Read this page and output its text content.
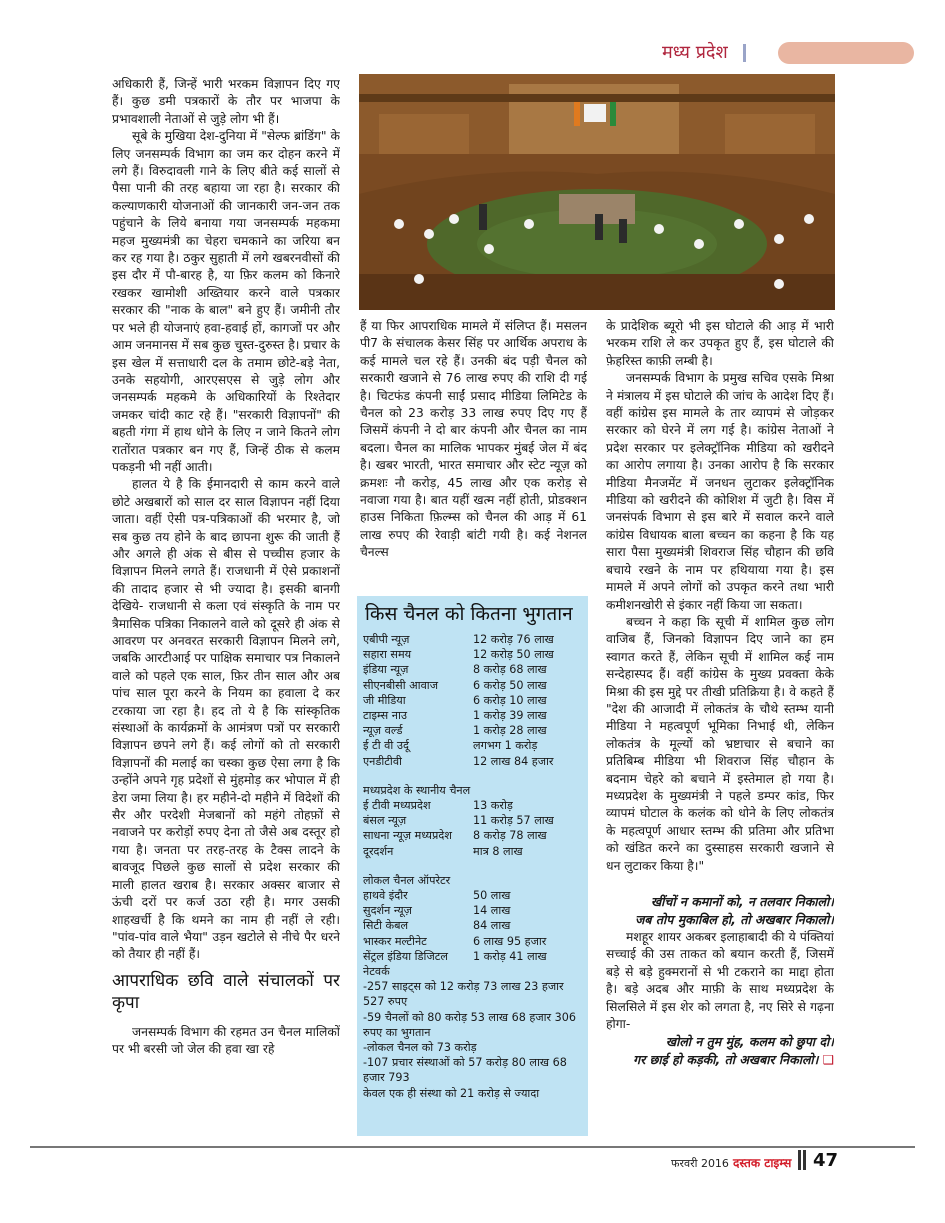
मध्य प्रदेश

अधिकारी हैं, जिन्हें भारी भरकम विज्ञापन दिए गए हैं। कुछ डमी पत्रकारों के तौर पर भाजपा के प्रभावशाली नेताओं से जुड़े लोग भी हैं।

सूबे के मुखिया देश-दुनिया में "सेल्फ ब्रांडिंग" के लिए जनसम्पर्क विभाग का जम कर दोहन करने में लगे हैं। विरुदावली गाने के लिए बीते कई सालों से पैसा पानी की तरह बहाया जा रहा है। सरकार की कल्याणकारी योजनाओं की जानकारी जन-जन तक पहुंचाने के लिये बनाया गया जनसम्पर्क महकमा महज मुख्यमंत्री का चेहरा चमकाने का जरिया बन कर रह गया है। ठकुर सुहाती में लगे खबरनवीसों की इस दौर में पौ-बारह है, या फ़िर कलम को किनारे रखकर खामोशी अख्तियार करने वाले पत्रकार सरकार की "नाक के बाल" बने हुए हैं। जमीनी तौर पर भले ही योजनाएं हवा-हवाई हों, कागजों पर और आम जनमानस में सब कुछ चुस्त-दुरुस्त है। प्रचार के इस खेल में सत्ताधारी दल के तमाम छोटे-बड़े नेता, उनके सहयोगी, आरएसएस से जुड़े लोग और जनसम्पर्क महकमे के अधिकारियों के रिश्तेदार जमकर चांदी काट रहे हैं। "सरकारी विज्ञापनों" की बहती गंगा में हाथ धोने के लिए न जाने कितने लोग रातोंरात पत्रकार बन गए हैं, जिन्हें ठीक से कलम पकड़नी भी नहीं आती।

हालत ये है कि ईमानदारी से काम करने वाले छोटे अखबारों को साल दर साल विज्ञापन नहीं दिया जाता। वहीं ऐसी पत्र-पत्रिकाओं की भरमार है, जो सब कुछ तय होने के बाद छापना शुरू की जाती हैं और अगले ही अंक से बीस से पच्चीस हजार के विज्ञापन मिलने लगते हैं। राजधानी में ऐसे प्रकाशनों की तादाद हजार से भी ज्यादा है। इसकी बानगी देखिये- राजधानी से कला एवं संस्कृति के नाम पर त्रैमासिक पत्रिका निकालने वाले को दूसरे ही अंक से आवरण पर अनवरत सरकारी विज्ञापन मिलने लगे, जबकि आरटीआई पर पाक्षिक समाचार पत्र निकालने वाले को पहले एक साल, फ़िर तीन साल और अब पांच साल पूरा करने के नियम का हवाला दे कर टरकाया जा रहा है। हद तो ये है कि सांस्कृतिक संस्थाओं के कार्यक्रमों के आमंत्रण पत्रों पर सरकारी विज्ञापन छपने लगे हैं। कई लोगों को तो सरकारी विज्ञापनों की मलाई का चस्का कुछ ऐसा लगा है कि उन्होंने अपने गृह प्रदेशों से मुंहमोड़ कर भोपाल में ही डेरा जमा लिया है। हर महीने-दो महीने में विदेशों की सैर और परदेशी मेजबानों को महंगे तोहफ़ों से नवाजने पर करोड़ों रुपए देना तो जैसे अब दस्तूर हो गया है। जनता पर तरह-तरह के टैक्स लादने के बावजूद पिछले कुछ सालों से प्रदेश सरकार की माली हालत खराब है। सरकार अक्सर बाजार से ऊंची दरों पर कर्ज उठा रही है। मगर उसकी शाहखर्ची है कि थमने का नाम ही नहीं ले रही। "पांव-पांव वाले भैया" उड़न खटोले से नीचे पैर धरने को तैयार ही नहीं हैं।

आपराधिक छवि वाले संचालकों पर कृपा

जनसम्पर्क विभाग की रहमत उन चैनल मालिकों पर भी बरसी जो जेल की हवा खा रहे

हैं या फिर आपराधिक मामले में संलिप्त हैं। मसलन पी7 के संचालक केसर सिंह पर आर्थिक अपराध के कई मामले चल रहे हैं। उनकी बंद पड़ी चैनल को सरकारी खजाने से 76 लाख रुपए की राशि दी गई है। चिटफंड कंपनी साईं प्रसाद मीडिया लिमिटेड के चैनल को 23 करोड़ 33 लाख रुपए दिए गए हैं जिसमें कंपनी ने दो बार कंपनी और चैनल का नाम बदला। चैनल का मालिक भापकर मुंबई जेल में बंद है। खबर भारती, भारत समाचार और स्टेट न्यूज़ को क्रमशः नौ करोड़, 45 लाख और एक करोड़ से नवाजा गया है। बात यहीं खत्म नहीं होती, प्रोडक्शन हाउस निकिता फ़िल्म्स को चैनल की आड़ में 61 लाख रुपए की रेवाड़ी बांटी गयी है। कई नेशनल चैनल्स

किस चैनल को कितना भुगतान
एबीपी न्यूज़	12 करोड़ 76 लाख
सहारा समय	12 करोड़ 50 लाख
इंडिया न्यूज़	8 करोड़ 68 लाख
सीएनबीसी आवाज	6 करोड़ 50 लाख
जी मीडिया	6 करोड़ 10 लाख
टाइम्स नाउ	1 करोड़ 39 लाख
न्यूज़ वर्ल्ड	1 करोड़ 28 लाख
ई टी वी उर्दू	लगभग 1 करोड़
एनडीटीवी	12 लाख 84 हजार
मध्यप्रदेश के स्थानीय चैनल
ई टीवी मध्यप्रदेश	13 करोड़
बंसल न्यूज़	11 करोड़ 57 लाख
साधना न्यूज़ मध्यप्रदेश	8 करोड़ 78 लाख
दूरदर्शन	मात्र 8 लाख
लोकल चैनल ऑपरेटर
हाथवे इंदौर	50 लाख
सुदर्शन न्यूज़	14 लाख
सिटी केबल	84 लाख
भास्कर मल्टीनेट	6 लाख 95 हजार
सेंट्रल इंडिया डिजिटल	1 करोड़ 41 लाख
नेटवर्क
-257 साइट्स को 12 करोड़ 73 लाख 23 हजार 527 रुपए
-59 चैनलों को 80 करोड़ 53 लाख 68 हजार 306 रुपए का भुगतान
-लोकल चैनल को 73 करोड़
-107 प्रचार संस्थाओं को 57 करोड़ 80 लाख 68 हजार 793
केवल एक ही संस्था को 21 करोड़ से ज्यादा

के प्रादेशिक ब्यूरो भी इस घोटाले की आड़ में भारी भरकम राशि ले कर उपकृत हुए हैं, इस घोटाले की फ़ेहरिस्त काफ़ी लम्बी है।

जनसम्पर्क विभाग के प्रमुख सचिव एसके मिश्रा ने मंत्रालय में इस घोटाले की जांच के आदेश दिए हैं। वहीं कांग्रेस इस मामले के तार व्यापमं से जोड़कर सरकार को घेरने में लग गई है। कांग्रेस नेताओं ने प्रदेश सरकार पर इलेक्ट्रॉनिक मीडिया को खरीदने का आरोप लगाया है। उनका आरोप है कि सरकार मीडिया मैनजमेंट में जनधन लुटाकर इलेक्ट्रॉनिक मीडिया को खरीदने की कोशिश में जुटी है। विस में जनसंपर्क विभाग से इस बारे में सवाल करने वाले कांग्रेस विधायक बाला बच्चन का कहना है कि यह सारा पैसा मुख्यमंत्री शिवराज सिंह चौहान की छवि बचाये रखने के नाम पर हथियाया गया है। इस मामले में अपने लोगों को उपकृत करने तथा भारी कमीशनखोरी से इंकार नहीं किया जा सकता।

बच्चन ने कहा कि सूची में शामिल कुछ लोग वाजिब हैं, जिनको विज्ञापन दिए जाने का हम स्वागत करते हैं, लेकिन सूची में शामिल कई नाम सन्देहास्पद हैं। वहीं कांग्रेस के मुख्य प्रवक्ता केके मिश्रा की इस मुद्दे पर तीखी प्रतिक्रिया है। वे कहते हैं "देश की आजादी में लोकतंत्र के चौथे स्तम्भ यानी मीडिया ने महत्वपूर्ण भूमिका निभाई थी, लेकिन लोकतंत्र के मूल्यों को भ्रष्टाचार से बचाने का प्रतिबिम्ब मीडिया भी शिवराज सिंह चौहान के बदनाम चेहरे को बचाने में इस्तेमाल हो गया है। मध्यप्रदेश के मुख्यमंत्री ने पहले डम्पर कांड, फिर व्यापमं घोटाल के कलंक को धोने के लिए लोकतंत्र के महत्वपूर्ण आधार स्तम्भ की प्रतिमा और प्रतिभा को खंडित करने का दुस्साहस सरकारी खजाने से धन लुटाकर किया है।"

खींचों न कमानों को, न तलवार निकालो।
जब तोप मुकाबिल हो, तो अखबार निकालो।

मशहूर शायर अकबर इलाहाबादी की ये पंक्तियां सच्चाई की उस ताकत को बयान करती हैं, जिसमें बड़े से बड़े हुक्मरानों से भी टकराने का माद्दा होता है। बड़े अदब और माफ़ी के साथ मध्यप्रदेश के सिलसिले में इस शेर को लगता है, नए सिरे से गढ़ना होगा-

खोलो न तुम मुंह, कलम को छुपा दो।
गर छाई हो कड़की, तो अखबार निकालो। ❑
फरवरी 2016 दस्तक टाइम्स 47
